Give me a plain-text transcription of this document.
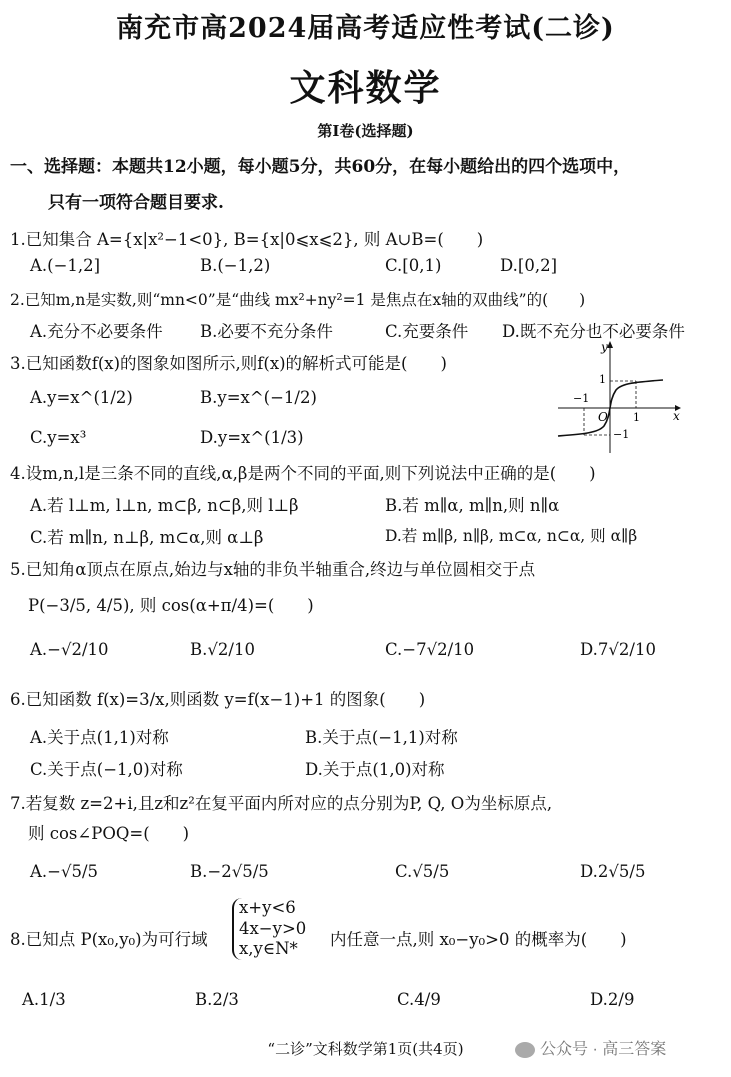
南充市高2024届高考适应性考试(二诊)
文科数学
第Ⅰ卷(选择题)
一、选择题：本题共12小题，每小题5分，共60分，在每小题给出的四个选项中，
只有一项符合题目要求.
1.已知集合 A={x|x²−1<0}, B={x|0⩽x⩽2}, 则 A∪B=(　　)
A.(−1,2]	B.(−1,2)	C.[0,1)	D.[0,2]
2.已知m,n是实数,则“mn<0”是“曲线 mx²+ny²=1 是焦点在x轴的双曲线”的(　　)
A.充分不必要条件 B.必要不充分条件	C.充要条件 D.既不充分也不必要条件
3.已知函数f(x)的图象如图所示,则f(x)的解析式可能是(　　)
A.y=x^(1/2)	B.y=x^(−1/2)
C.y=x³	D.y=x^(1/3)
y
x
O 1
−1
1
−1
4.设m,n,l是三条不同的直线,α,β是两个不同的平面,则下列说法中正确的是(　　)
A.若 l⊥m, l⊥n, m⊂β, n⊂β,则 l⊥β	B.若 m∥α, m∥n,则 n∥α
C.若 m∥n, n⊥β, m⊂α,则 α⊥β	D.若 m∥β, n∥β, m⊂α, n⊂α, 则 α∥β
5.已知角α顶点在原点,始边与x轴的非负半轴重合,终边与单位圆相交于点
P(−3/5, 4/5), 则 cos(α+π/4)=(　　)
A.−√2/10	B.√2/10	C.−7√2/10	D.7√2/10
6.已知函数 f(x)=3/x,则函数 y=f(x−1)+1 的图象(　　)
A.关于点(1,1)对称	B.关于点(−1,1)对称
C.关于点(−1,0)对称	D.关于点(1,0)对称
7.若复数 z=2+i,且z和z²在复平面内所对应的点分别为P, Q, O为坐标原点,
则 cos∠POQ=(　　)
A.−√5/5	B.−2√5/5	C.√5/5	D.2√5/5
8.已知点 P(x₀,y₀)为可行域
x+y<6
4x−y>0
x,y∈N*	内任意一点,则 x₀−y₀>0 的概率为(　　)
A.1/3	B.2/3	C.4/9	D.2/9
“二诊”文科数学第1页(共4页)	公众号 · 高三答案
